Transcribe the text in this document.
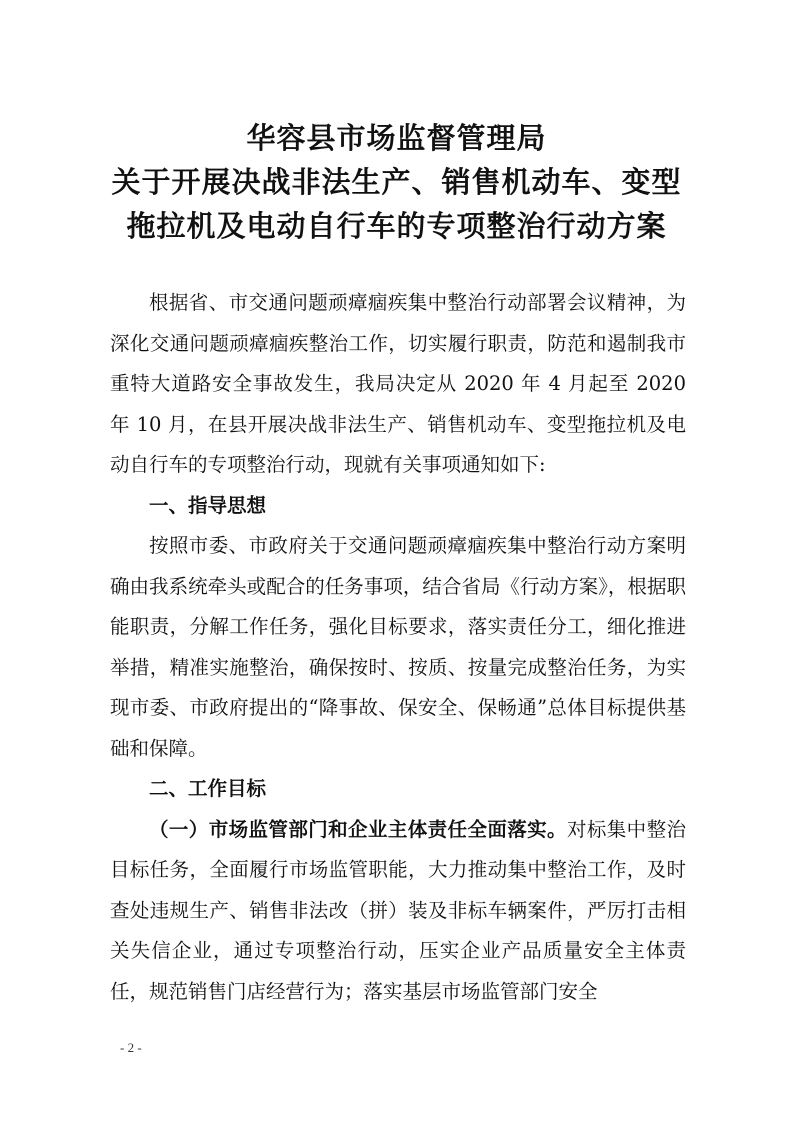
华容县市场监督管理局
关于开展决战非法生产、销售机动车、变型
拖拉机及电动自行车的专项整治行动方案

根据省、市交通问题顽瘴痼疾集中整治行动部署会议精神，为深化交通问题顽瘴痼疾整治工作，切实履行职责，防范和遏制我市重特大道路安全事故发生，我局决定从 2020 年 4 月起至 2020 年 10 月，在县开展决战非法生产、销售机动车、变型拖拉机及电动自行车的专项整治行动，现就有关事项通知如下:

一、指导思想

按照市委、市政府关于交通问题顽瘴痼疾集中整治行动方案明确由我系统牵头或配合的任务事项，结合省局《行动方案》，根据职能职责，分解工作任务，强化目标要求，落实责任分工，细化推进举措，精准实施整治，确保按时、按质、按量完成整治任务，为实现市委、市政府提出的“降事故、保安全、保畅通”总体目标提供基础和保障。

二、工作目标

（一）市场监管部门和企业主体责任全面落实。对标集中整治目标任务，全面履行市场监管职能，大力推动集中整治工作，及时查处违规生产、销售非法改（拼）装及非标车辆案件，严厉打击相关失信企业，通过专项整治行动，压实企业产品质量安全主体责任，规范销售门店经营行为；落实基层市场监管部门安全

- 2 -
